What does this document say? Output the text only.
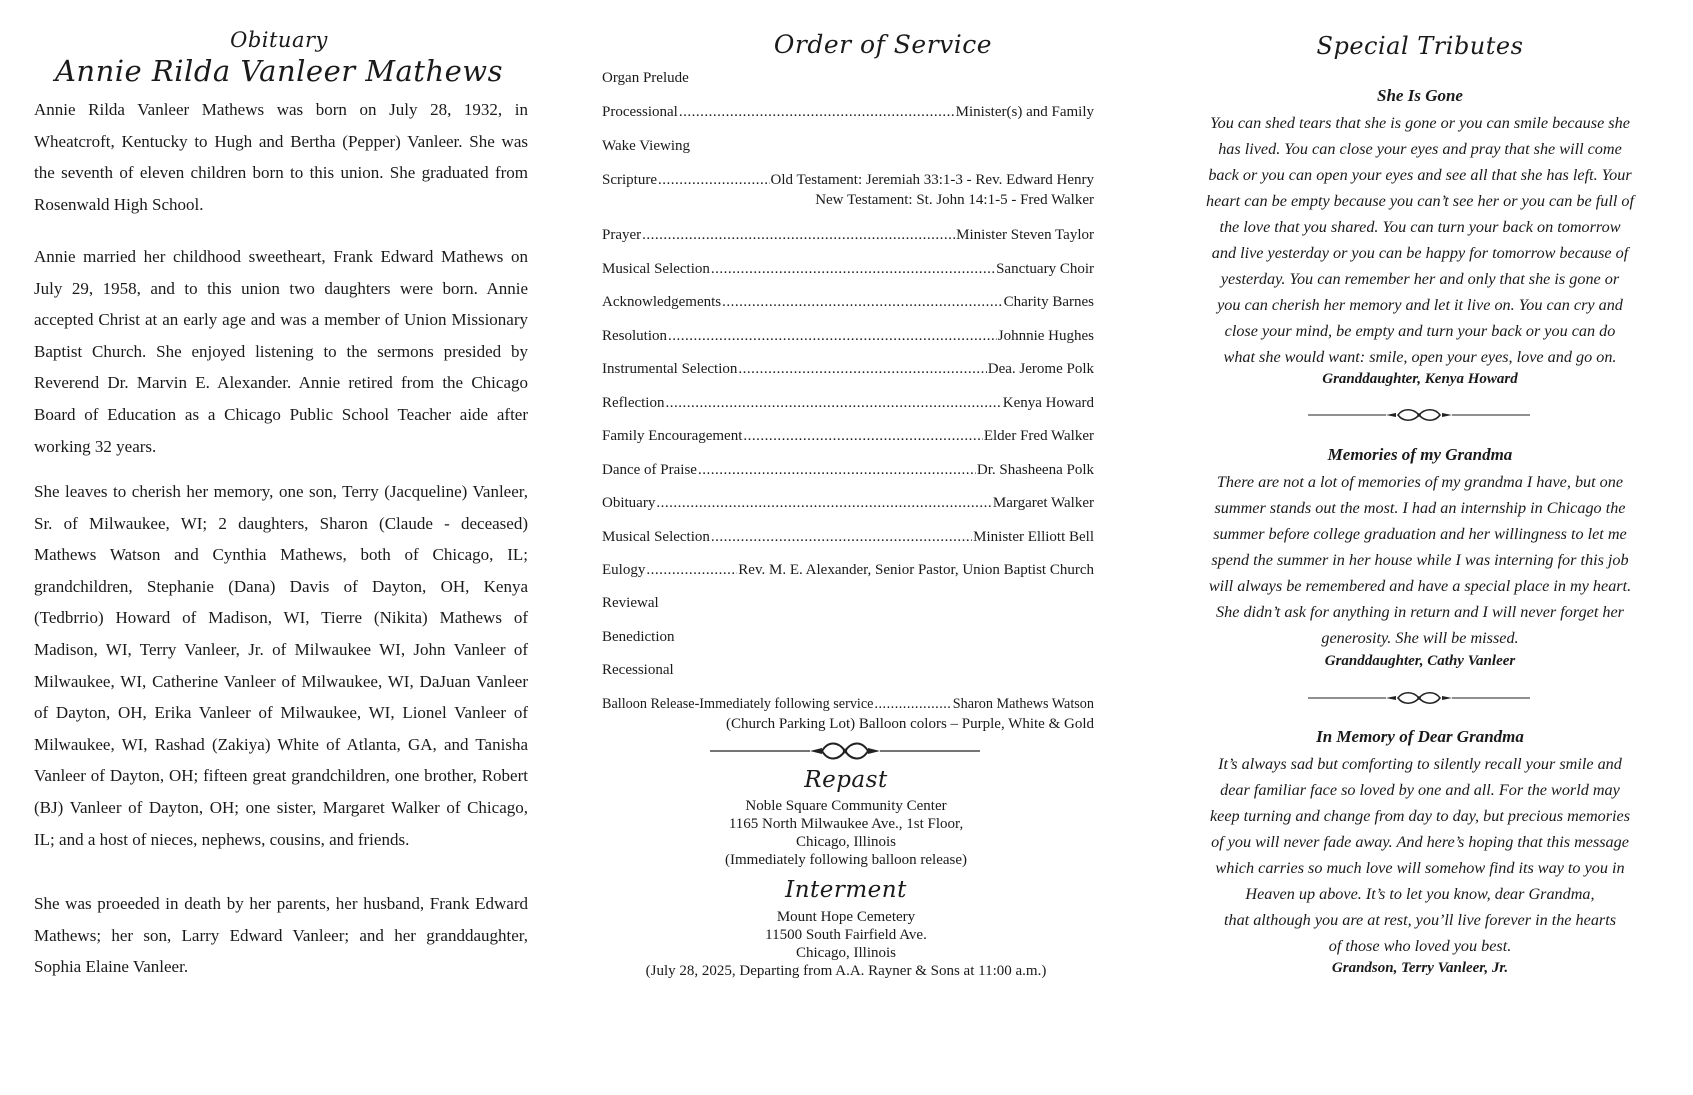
Obituary
Annie Rilda Vanleer Mathews

Annie Rilda Vanleer Mathews was born on July 28, 1932, in Wheatcroft, Kentucky to Hugh and Bertha (Pepper) Vanleer. She was the seventh of eleven children born to this union. She graduated from Rosenwald High School.

Annie married her childhood sweetheart, Frank Edward Mathews on July 29, 1958, and to this union two daughters were born. Annie accepted Christ at an early age and was a member of Union Missionary Baptist Church. She enjoyed listening to the sermons presided by Reverend Dr. Marvin E. Alexander. Annie retired from the Chicago Board of Education as a Chicago Public School Teacher aide after working 32 years.

She leaves to cherish her memory, one son, Terry (Jacqueline) Vanleer, Sr. of Milwaukee, WI; 2 daughters, Sharon (Claude - deceased) Mathews Watson and Cynthia Mathews, both of Chicago, IL; grandchildren, Stephanie (Dana) Davis of Dayton, OH, Kenya (Tedbrrio) Howard of Madison, WI, Tierre (Nikita) Mathews of Madison, WI, Terry Vanleer, Jr. of Milwaukee WI, John Vanleer of Milwaukee, WI, Catherine Vanleer of Milwaukee, WI, DaJuan Vanleer of Dayton, OH, Erika Vanleer of Milwaukee, WI, Lionel Vanleer of Milwaukee, WI, Rashad (Zakiya) White of Atlanta, GA, and Tanisha Vanleer of Dayton, OH; fifteen great grandchildren, one brother, Robert (BJ) Vanleer of Dayton, OH; one sister, Margaret Walker of Chicago, IL; and a host of nieces, nephews, cousins, and friends.

She was proeeded in death by her parents, her husband, Frank Edward Mathews; her son, Larry Edward Vanleer; and her granddaughter, Sophia Elaine Vanleer.

Order of Service
Organ Prelude
Processional .....	Minister(s) and Family
Wake Viewing
Scripture .....	Old Testament: Jeremiah 33:1-3 - Rev. Edward Henry
New Testament: St. John 14:1-5 - Fred Walker
Prayer .....	Minister Steven Taylor
Musical Selection .....	Sanctuary Choir
Acknowledgements .....	Charity Barnes
Resolution .....	Johnnie Hughes
Instrumental Selection .....	Dea. Jerome Polk
Reflection .....	Kenya Howard
Family Encouragement .....	Elder Fred Walker
Dance of Praise .....	Dr. Shasheena Polk
Obituary .....	Margaret Walker
Musical Selection .....	Minister Elliott Bell
Eulogy .....	Rev. M. E. Alexander, Senior Pastor, Union Baptist Church
Reviewal
Benediction
Recessional
Balloon Release-Immediately following service .....	Sharon Mathews Watson
(Church Parking Lot) Balloon colors – Purple, White & Gold
Repast
Noble Square Community Center
1165 North Milwaukee Ave., 1st Floor,
Chicago, Illinois
(Immediately following balloon release)
Interment
Mount Hope Cemetery
11500 South Fairfield Ave.
Chicago, Illinois
(July 28, 2025, Departing from A.A. Rayner & Sons at 11:00 a.m.)
Special Tributes
She Is Gone

You can shed tears that she is gone or you can smile because she
has lived. You can close your eyes and pray that she will come
back or you can open your eyes and see all that she has left. Your
heart can be empty because you can’t see her or you can be full of
the love that you shared. You can turn your back on tomorrow
and live yesterday or you can be happy for tomorrow because of
yesterday. You can remember her and only that she is gone or
you can cherish her memory and let it live on. You can cry and
close your mind, be empty and turn your back or you can do
what she would want: smile, open your eyes, love and go on.

Granddaughter, Kenya Howard
Memories of my Grandma

There are not a lot of memories of my grandma I have, but one
summer stands out the most. I had an internship in Chicago the
summer before college graduation and her willingness to let me
spend the summer in her house while I was interning for this job
will always be remembered and have a special place in my heart.
She didn’t ask for anything in return and I will never forget her
generosity. She will be missed.

Granddaughter, Cathy Vanleer
In Memory of Dear Grandma

It’s always sad but comforting to silently recall your smile and
dear familiar face so loved by one and all. For the world may
keep turning and change from day to day, but precious memories
of you will never fade away. And here’s hoping that this message
which carries so much love will somehow find its way to you in
Heaven up above. It’s to let you know, dear Grandma,
that although you are at rest, you’ll live forever in the hearts
of those who loved you best.

Grandson, Terry Vanleer, Jr.
